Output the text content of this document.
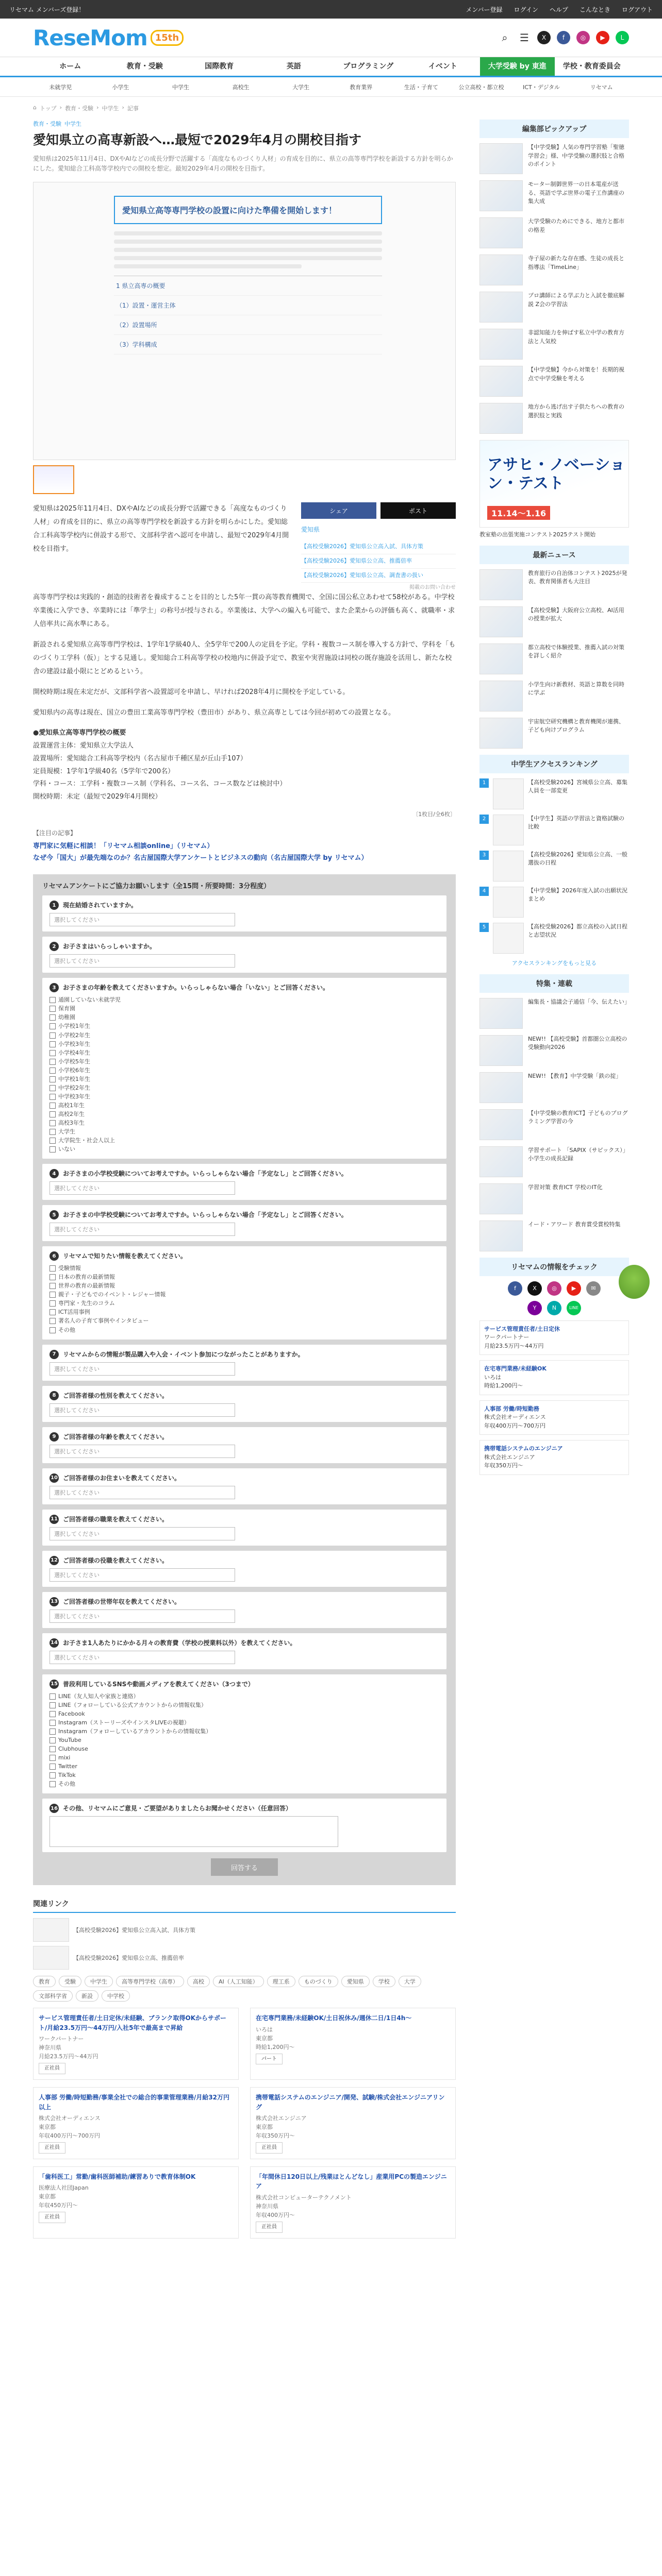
リセマム メンバーズ登録！	メンバー登録 ログイン ヘルプ こんなとき ログアウト
ReseMom 15th	⌕	☰	X	f	◎	▶	L
ホーム	教育・受験	国際教育	英語	プログラミング	イベント	大学受験 by 東進	学校・教育委員会
未就学児	小学生	中学生	高校生	大学生	教育業界	生活・子育て	公立高校・都立校	ICT・デジタル	リセマム
⌂ トップ › 教育・受験 › 中学生 › 記事
教育・受験 中学生
愛知県立の高専新設へ…最短で2029年4月の開校目指す

愛知県は2025年11月4日、DXやAIなどの成長分野で活躍する「高度なものづくり人材」の育成を目的に、県立の高等専門学校を新設する方針を明らかにした。愛知総合工科高等学校内での開校を想定。最短2029年4月の開校を目指す。

愛知県立高等専門学校の設置に向けた準備を開始します！
1 県立高専の概要
（1）設置・運営主体
（2）設置場所
（3）学科構成

愛知県は2025年11月4日、DXやAIなどの成長分野で活躍できる「高度なものづくり人材」の育成を目的に、県立の高等専門学校を新設する方針を明らかにした。愛知総合工科高等学校内に併設する形で、文部科学省へ認可を申請し、最短で2029年4月開校を目指す。

シェア	ポスト
愛知県
【高校受験2026】愛知県公立高入試、具体方策
【高校受験2026】愛知県公立高、推薦倍率
【高校受験2026】愛知県公立高、調査書の扱い
掲載のお問い合わせ

高等専門学校は実践的・創造的技術者を養成することを目的とした5年一貫の高等教育機関で、全国に国公私立あわせて58校がある。中学校卒業後に入学でき、卒業時には「準学士」の称号が授与される。卒業後は、大学への編入も可能で、また企業からの評価も高く、就職率・求人倍率共に高水準にある。

新設される愛知県立高等専門学校は、1学年1学級40人、全5学年で200人の定員を予定。学科・複数コース制を導入する方針で、学科を「ものづくり工学科（仮）」とする見通し。愛知総合工科高等学校の校地内に併設予定で、教室や実習施設は同校の既存施設を活用し、新たな校舎の建設は最小限にとどめるという。

開校時期は現在未定だが、文部科学省へ設置認可を申請し、早ければ2028年4月に開校を予定している。

愛知県内の高専は現在、国立の豊田工業高等専門学校（豊田市）があり、県立高専としては今回が初めての設置となる。

●愛知県立高等専門学校の概要
設置運営主体：愛知県立大学法人
設置場所：愛知総合工科高等学校内（名古屋市千種区星が丘山手107）
定員規模：1学年1学級40名（5学年で200名）
学科・コース：工学科・複数コース制（学科名、コース名、コース数などは検討中）
開校時期：未定（最短で2029年4月開校）
〔1枚目/全6枚〕
【注目の記事】
専門家に気軽に相談！「リセマム相談online」（リセマム）
なぜ今「国大」が最先端なのか？名古屋国際大学アンケートとビジネスの動向（名古屋国際大学 by リセマム）
リセマムアンケートにご協力お願いします（全15問・所要時間：3分程度）
1	現在結婚されていますか。
選択してください
2	お子さまはいらっしゃいますか。
選択してください
3	お子さまの年齢を教えてくださいますか。いらっしゃらない場合「いない」とご回答ください。
通園していない未就学児
保育園
幼稚園
小学校1年生
小学校2年生
小学校3年生
小学校4年生
小学校5年生
小学校6年生
中学校1年生
中学校2年生
中学校3年生
高校1年生
高校2年生
高校3年生
大学生
大学院生・社会人以上
いない
4	お子さまの小学校受験についてお考えですか。いらっしゃらない場合「予定なし」とご回答ください。
選択してください
5	お子さまの中学校受験についてお考えですか。いらっしゃらない場合「予定なし」とご回答ください。
選択してください
6	リセマムで知りたい情報を教えてください。
受験情報
日本の教育の最新情報
世界の教育の最新情報
親子・子どもでのイベント・レジャー情報
専門家・先生のコラム
ICT活用事例
著名人の子育て事例やインタビュー
その他
7	リセマムからの情報が製品購入や入会・イベント参加につながったことがありますか。
選択してください
8	ご回答者様の性別を教えてください。
選択してください
9	ご回答者様の年齢を教えてください。
選択してください
10 ご回答者様のお住まいを教えてください。
選択してください
11 ご回答者様の職業を教えてください。
選択してください
12 ご回答者様の役職を教えてください。
選択してください
13 ご回答者様の世帯年収を教えてください。
選択してください
14 お子さま1人あたりにかかる月々の教育費（学校の授業料以外）を教えてください。
選択してください
15 普段利用しているSNSや動画メディアを教えてください（3つまで）
LINE（友人知人や家族と連絡）
LINE（フォローしている公式アカウントからの情報収集）
Facebook
Instagram（ストーリーズやインスタLIVEの視聴）
Instagram（フォローしているアカウントからの情報収集）
YouTube
Clubhouse
mixi
Twitter
TikTok
その他
16 その他、リセマムにご意見・ご要望がありましたらお聞かせください（任意回答）
回答する
関連リンク
【高校受験2026】愛知県公立高入試、具体方策
【高校受験2026】愛知県公立高、推薦倍率
教育	受験	中学生	高等専門学校（高専）	高校	AI（人工知能）	理工系	ものづくり	愛知県	学校	大学
文部科学省	新設	中学校
サービス管理責任者/土日定休/未経験、ブランク取得OKからサポート/月給23.5万円～44万円/入社5年で最高まで昇給
ワークパートナー
神奈川県
月給23.5万円～44万円
正社員
在宅専門業務/未経験OK/土日祝休み/週休二日/1日4h～
いろは
東京都
時給1,200円～
パート
人事部 労働/時短勤務/事業全社での総合的事業管理業務/月給32万円以上
株式会社オーディエンス
東京都
年収400万円～700万円
正社員
携帯電話システムのエンジニア/開発、試験/株式会社エンジニアリング
株式会社エンジニア
東京都
年収350万円～
正社員
「歯科医工」常勤/歯科医師補助/練習ありで教育体制OK
医療法人社団Japan
東京都
年収450万円～
正社員
「年間休日120日以上/残業ほとんどなし」産業用PCの製造エンジニア
株式会社コンピューターテクノメント
神奈川県
年収400万円～
正社員
編集部ピックアップ
【中学受験】人気の専門学習塾「聖徳学習会」様、中学受験の選択肢と合格のポイント
モーター制御世界一の日本電産が送る、英語で学ぶ世界の電子工作講座の集大成
大学受験のためにできる、地方と都市の格差
寺子屋の新たな存在感、生徒の成長と指導法「TimeLine」
プロ講師による学ぶ力と入試を徹底解説 Z会の学習法
非認知能力を伸ばす私立中学の教育方法と人気校
【中学受験】今から対策を！長期的視点で中学受験を考える
地方から逃げ出す子供たちへの教育の選択肢と実践
アサヒ・ノベーション・テスト
11.14～1.16
教室塾の出張実施コンテスト2025テスト開始
最新ニュース
教育旅行の自治体コンテスト2025が発表、教育関係者も大注目
【高校受験】大阪府公立高校、AI活用の授業が拡大
都立高校で体験授業、推薦入試の対策を詳しく紹介
小学生向け新教材、英語と算数を同時に学ぶ
宇宙航空研究機構と教育機関が連携、子ども向けプログラム
中学生アクセスランキング
1	【高校受験2026】宮城県公立高、募集人員を一部変更
2	【中学生】英語の学習法と資格試験の比較
3	【高校受験2026】愛知県公立高、一般選抜の日程
4	【中学受験】2026年度入試の出願状況まとめ
5	【高校受験2026】都立高校の入試日程と志望状況
アクセスランキングをもっと見る
特集・連載
編集長・協議会子通信「今、伝えたい」
NEW!! 【高校受験】首都圏公立高校の受験動向2026
NEW!! 【教育】中学受験「鉄の掟」
【中学受験の教育ICT】子どものプログラミング学習の今
学習サポート 「SAPIX（サピックス）」小学生の成長記録
学習対策 教育ICT 学校のIT化
イード・アワード 教育賞受賞校特集
リセマムの情報をチェック
f	X	◎	▶	✉
Y	N	LINE
サービス管理責任者/土日定休
ワークパートナー
月給23.5万円～44万円
在宅専門業務/未経験OK
いろは
時給1,200円～
人事部 労働/時短勤務
株式会社オーディエンス
年収400万円～700万円
携帯電話システムのエンジニア
株式会社エンジニア
年収350万円～
